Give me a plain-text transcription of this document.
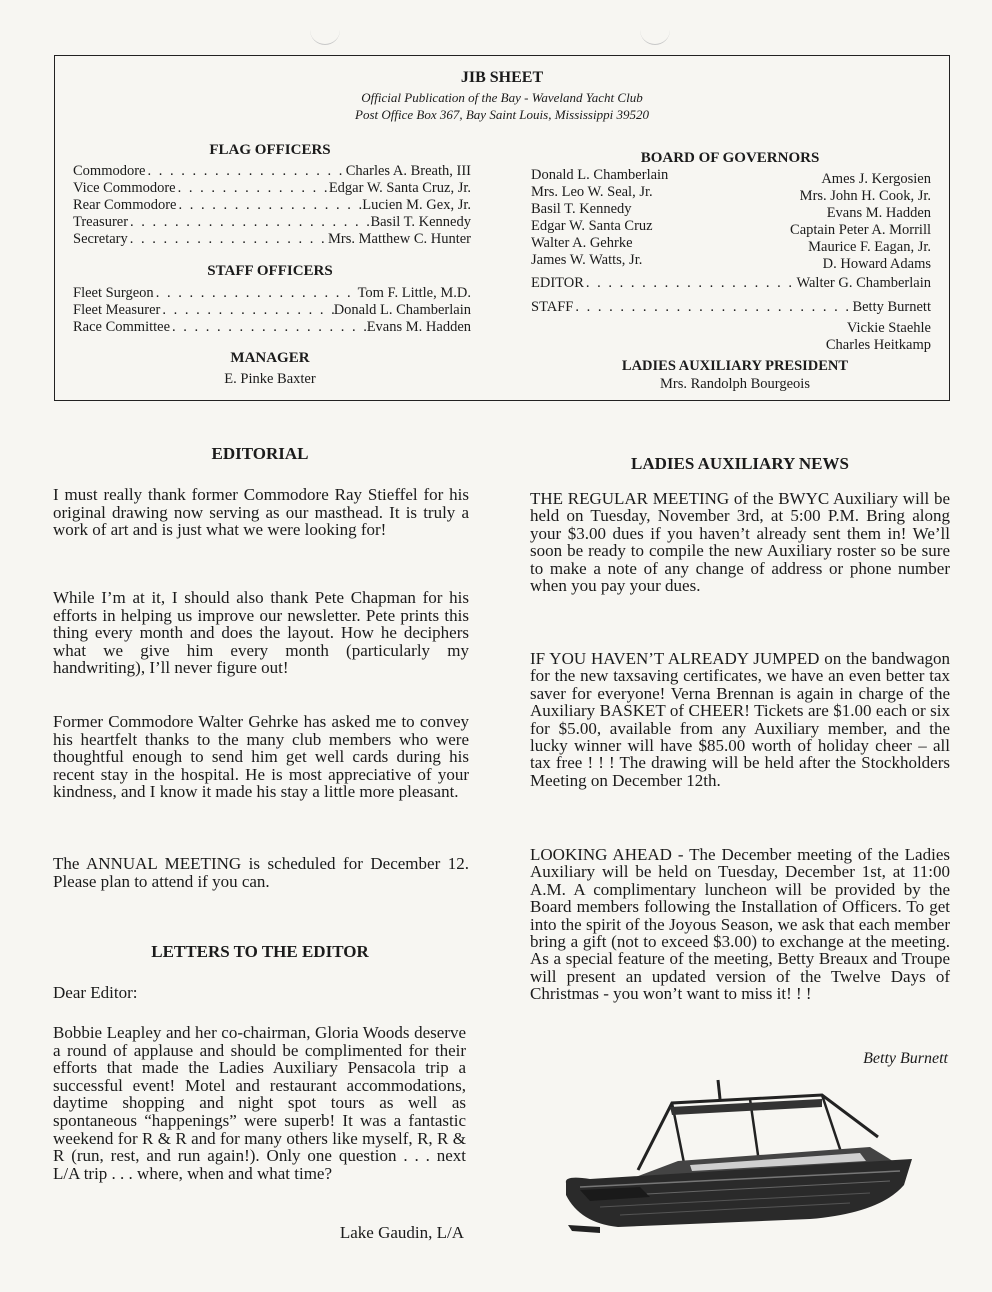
JIB SHEET
Official Publication of the Bay - Waveland Yacht Club
Post Office Box 367, Bay Saint Louis, Mississippi 39520
FLAG OFFICERS
Commodore . . .	Charles A. Breath, III
Vice Commodore . . .	Edgar W. Santa Cruz, Jr.
Rear Commodore . . .	Lucien M. Gex, Jr.
Treasurer . . .	Basil T. Kennedy
Secretary . . .	Mrs. Matthew C. Hunter
STAFF OFFICERS
Fleet Surgeon . . .	Tom F. Little, M.D.
Fleet Measurer . . .	Donald L. Chamberlain
Race Committee . . .	Evans M. Hadden
MANAGER
E. Pinke Baxter
BOARD OF GOVERNORS
Donald L. Chamberlain
Mrs. Leo W. Seal, Jr.
Basil T. Kennedy
Edgar W. Santa Cruz
Walter A. Gehrke
James W. Watts, Jr.
Ames J. Kergosien
Mrs. John H. Cook, Jr.
Evans M. Hadden
Captain Peter A. Morrill
Maurice F. Eagan, Jr.
D. Howard Adams
EDITOR . . .	Walter G. Chamberlain
STAFF . . .	Betty Burnett
Vickie Staehle
Charles Heitkamp
LADIES AUXILIARY PRESIDENT
Mrs. Randolph Bourgeois
EDITORIAL

I must really thank former Commodore Ray Stieffel for his original drawing now serving as our masthead. It is truly a work of art and is just what we were looking for!

While I’m at it, I should also thank Pete Chapman for his efforts in helping us improve our newsletter. Pete prints this thing every month and does the layout. How he deciphers what we give him every month (particularly my handwriting), I’ll never figure out!

Former Commodore Walter Gehrke has asked me to convey his heartfelt thanks to the many club members who were thoughtful enough to send him get well cards during his recent stay in the hospital. He is most appreciative of your kindness, and I know it made his stay a little more pleasant.

The ANNUAL MEETING is scheduled for December 12. Please plan to attend if you can.

LETTERS TO THE EDITOR
Dear Editor:

Bobbie Leapley and her co-chairman, Gloria Woods deserve a round of applause and should be complimented for their efforts that made the Ladies Auxiliary Pensacola trip a successful event! Motel and restaurant accommodations, daytime shopping and night spot tours as well as spontaneous “happenings” were superb! It was a fantastic weekend for R & R and for many others like myself, R, R & R (run, rest, and run again!). Only one question . . . next L/A trip . . . where, when and what time?

Lake Gaudin, L/A
LADIES AUXILIARY NEWS

THE REGULAR MEETING of the BWYC Auxiliary will be held on Tuesday, November 3rd, at 5:00 P.M. Bring along your $3.00 dues if you haven’t already sent them in! We’ll soon be ready to compile the new Auxiliary roster so be sure to make a note of any change of address or phone number when you pay your dues.

IF YOU HAVEN’T ALREADY JUMPED on the bandwagon for the new taxsaving certificates, we have an even better tax saver for everyone! Verna Brennan is again in charge of the Auxiliary BASKET of CHEER! Tickets are $1.00 each or six for $5.00, available from any Auxiliary member, and the lucky winner will have $85.00 worth of holiday cheer – all tax free ! ! ! The drawing will be held after the Stockholders Meeting on December 12th.

LOOKING AHEAD - The December meeting of the Ladies Auxiliary will be held on Tuesday, December 1st, at 11:00 A.M. A complimentary luncheon will be provided by the Board members following the Installation of Officers. To get into the spirit of the Joyous Season, we ask that each member bring a gift (not to exceed $3.00) to exchange at the meeting. As a special feature of the meeting, Betty Breaux and Troupe will present an updated version of the Twelve Days of Christmas - you won’t want to miss it! ! !

Betty Burnett
